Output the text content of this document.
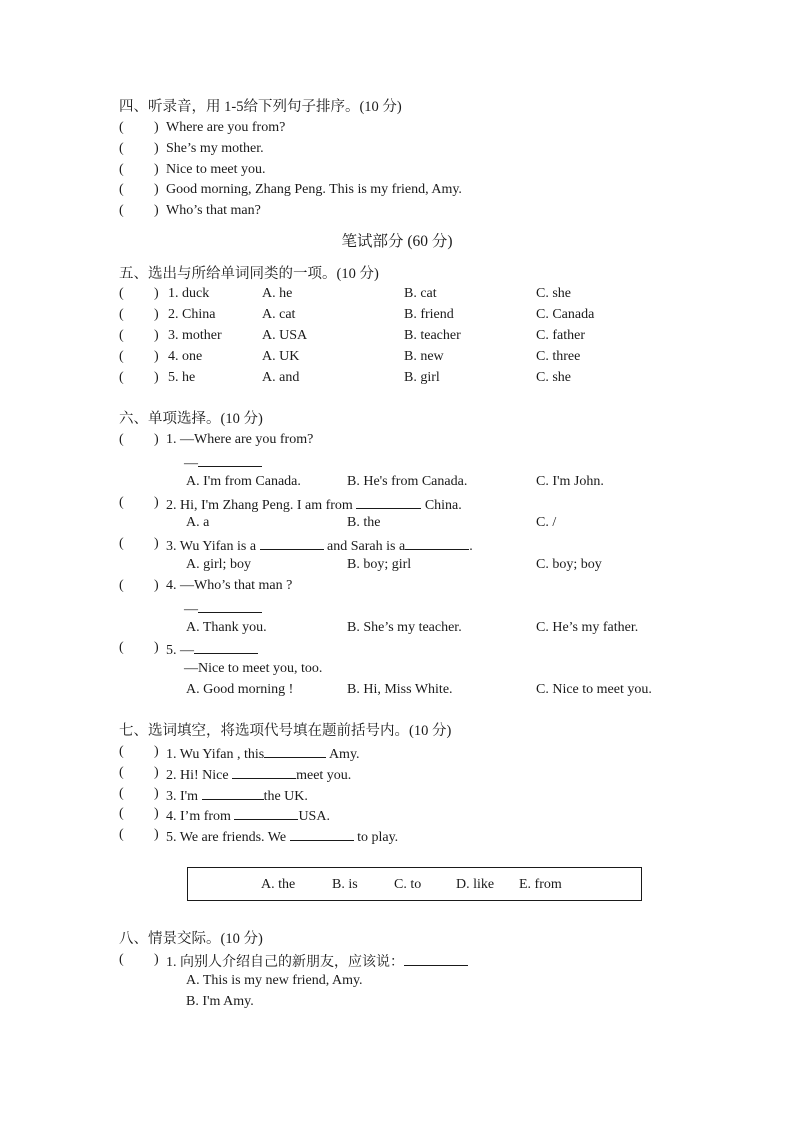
四、听录音，用 1-5给下列句子排序。(10 分)
( ) Where are you from?
( ) She’s my mother.
( ) Nice to meet you.
( ) Good morning, Zhang Peng. This is my friend, Amy.
( ) Who’s that man?
笔试部分 (60 分)
五、选出与所给单词同类的一项。(10 分)
( ) 1. duck	A. he	B. cat	C. she
( ) 2. China	A. cat	B. friend	C. Canada
( ) 3. mother	A. USA	B. teacher	C. father
( ) 4. one	A. UK	B. new	C. three
( ) 5. he	A. and	B. girl	C. she
六、单项选择。(10 分)
( ) 1. —Where are you from?
—
A. I'm from Canada.	B. He's from Canada.	C. I'm John.
( ) 2. Hi, I'm Zhang Peng. I am from	China.
A. a	B. the	C. /
( ) 3. Wu Yifan is a	and Sarah is a	.
A. girl; boy	B. boy; girl	C. boy; boy
( ) 4. —Who’s that man ?
—
A. Thank you.	B. She’s my teacher.	C. He’s my father.
( ) 5. —
—Nice to meet you, too.
A. Good morning !	B. Hi, Miss White.	C. Nice to meet you.
七、选词填空，将选项代号填在题前括号内。(10 分)
( ) 1. Wu Yifan , this	Amy.
( ) 2. Hi! Nice	meet you.
( ) 3. I'm	the UK.
( ) 4. I’m from	USA.
( ) 5. We are friends. We	to play.
A. the	B. is	C. to D. like E. from
八、情景交际。(10 分)
( ) 1. 向别人介绍自己的新朋友，应该说：
A. This is my new friend, Amy.
B. I'm Amy.
